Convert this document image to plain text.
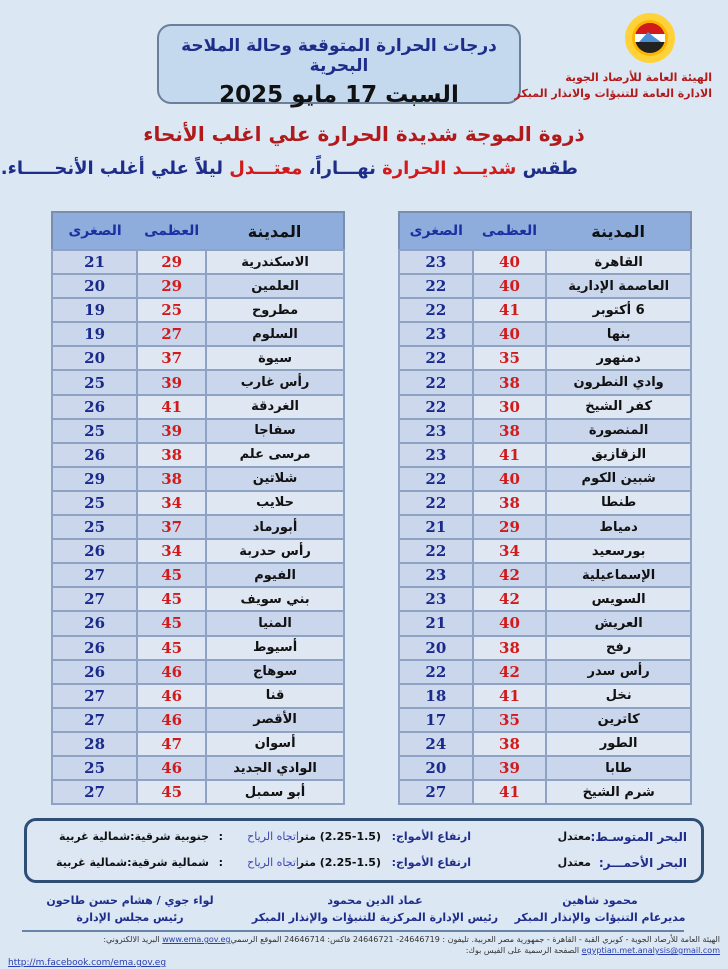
درجات الحرارة المتوقعة وحالة الملاحة البحرية
السبت 17 مايو 2025
الهيئة العامة للأرصاد الجوية
الادارة العامة للتنبؤات والانذار المبكر
ذروة الموجة شديدة الحرارة علي اغلب الأنحاء
طقس شديـــد الحرارة نهـــاراً، معتـــدل ليلاً علي أغلب الأنحـــــاء.
المدينة	العظمى	الصغرى
القاهرة	40	23
العاصمة الإدارية	40	22
6 أكتوبر	41	22
بنها	40	23
دمنهور	35	22
وادي النطرون	38	22
كفر الشيخ	30	22
المنصورة	38	23
الزقازيق	41	23
شبين الكوم	40	22
طنطا	38	22
دمياط	29	21
بورسعيد	34	22
الإسماعيلية	42	23
السويس	42	23
العريش	40	21
رفح	38	20
رأس سدر	42	22
نخل	41	18
كاترين	35	17
الطور	38	24
طابا	39	20
شرم الشيخ	41	27
المدينة	العظمى	الصغرى
الاسكندرية	29	21
العلمين	29	20
مطروح	25	19
السلوم	27	19
سيوة	37	20
رأس غارب	39	25
الغردقة	41	26
سفاجا	39	25
مرسى علم	38	26
شلاتين	38	29
حلايب	34	25
أبورماد	37	25
رأس حدربة	34	26
الفيوم	45	27
بني سويف	45	27
المنيا	45	26
أسيوط	45	26
سوهاج	46	26
قنا	46	27
الأقصر	46	27
أسوان	47	28
الوادي الجديد	46	25
أبو سمبل	45	27
البحر المتوسـط:
معتدل
ارتفاع الأمواج:
(2.25-1.5) متر
اتجاه الرياح
:
جنوبية شرقية:شمالية غربية
البحر الأحمـــر:
معتدل
ارتفاع الأمواج:
(2.25-1.5) متر
اتجاه الرياح
:
شمالية شرقية:شمالية غربية
محمود شاهين
مديرعام التنبؤات والإنذار المبكر
عماد الدين محمود
رئيس الإدارة المركزية للتنبؤات والإنذار المبكر
لواء جوي / هشام حسن طاحون
رئيس مجلس الإدارة
الهيئة العامة للأرصاد الجوية - كوبري القبة - القاهرة - جمهورية مصر العربية. تليفون : 24646719- 24646721 فاكس: 24646714 الموقع الرسميwww.ema.gov.eg البريد الالكتروني: egyptian.met.analysis@gmail.com الصفحة الرسمية على الفيس بوك:
http://m.facebook.com/ema.gov.eg
